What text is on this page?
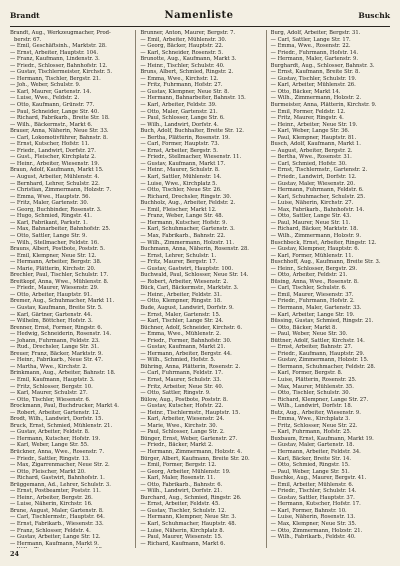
Brandt	Namenliste	Buschk

Brandt, Aug., Werkzeugmacher, Prod- berstr. 67.

— Emil, Geschäftsinh., Marktstr. 28.

— Ernst, Arbeiter, Hauptstr. 104.

— Franz, Kaufmann, Lindenstr. 3.

— Friedr., Schlosser, Bahnhofstr. 12.

— Gustav, Tischlermeister, Kirchstr. 5.

— Hermann, Tischler, Bergstr. 21.

— Joh., Weber, Schulstr. 9.

— Karl, Maurer, Gartenstr. 14.

— Luise, Wwe., Feldstr. 2.

— Otto, Kaufmann, Grünstr. 77.

— Paul, Schneider, Lange Str. 40.

— Richard, Fabrikarb., Breite Str. 18.

— Wilh., Bäckermstr., Markt 6.

Brauer, Anna, Näherin, Neue Str. 33.

— Carl, Lokomotivführer, Bahnstr. 8.

— Ernst, Kutscher, Hofstr. 11.

— Friedr., Landwirt, Dorfstr. 27.

— Gust., Fleischer, Kirchplatz 2.

— Heinr., Arbeiter, Wiesenstr. 19.

Braun, Adolf, Kaufmann, Markt 15.

— August, Arbeiter, Mühlenstr. 4.

— Bernhard, Lehrer, Schulstr. 22.

— Christian, Zimmermann, Holzstr. 7.

— Emma, Wwe., Hauptstr. 56.

— Fritz, Maler, Gartenstr. 30.

— Georg, Buchbinder, Rosenstr. 3.

— Hugo, Schmied, Ringstr. 41.

— Karl, Fabrikant, Parkstr. 1.

— Max, Bahnarbeiter, Bahnhofstr. 25.

— Otto, Sattler, Lange Str. 9.

— Wilh., Stellmacher, Feldstr. 16.

Brauns, Albert, Postbote, Poststr. 5.

— Emil, Klempner, Neue Str. 12.

— Hermann, Arbeiter, Bergstr. 38.

— Marie, Plätterin, Kirchstr. 20.

Brechler, Paul, Tischler, Schulstr. 17.

Breitkopf, Anna, Wwe., Mühlenstr. 8.

— Friedr., Maurer, Wiesenstr. 29.

— Otto, Arbeiter, Hauptstr. 91.

Bremer, Aug., Schuhmacher, Markt 11.

— Gustav, Kaufmann, Breite Str. 5.

— Karl, Gärtner, Gartenstr. 44.

— Wilhelm, Böttcher, Hofstr. 3.

Brenner, Ernst, Former, Ringstr. 6.

— Hedwig, Schneiderin, Rosenstr. 14.

— Johann, Fuhrmann, Feldstr. 23.

— Rud., Drechsler, Lange Str. 31.

Breuer, Franz, Bäcker, Marktstr. 9.

— Heinr., Fabrikarb., Neue Str. 47.

— Martha, Wwe., Kirchstr. 2.

Brinkmann, Aug., Arbeiter, Bahnstr. 18.

— Emil, Kaufmann, Hauptstr. 3.

— Fritz, Schlosser, Bergstr. 10.

— Karl, Maurer, Schulstr. 27.

— Otto, Tischler, Wiesenstr. 6.

Brockmann, Paul, Buchdrucker, Markt 4.

— Robert, Arbeiter, Gartenstr. 12.

Brodt, Wilh., Landwirt, Dorfstr. 15.

Bruck, Ernst, Schmied, Mühlenstr. 21.

— Gustav, Arbeiter, Feldstr. 8.

— Hermann, Kutscher, Hofstr. 19.

— Karl, Weber, Lange Str. 55.

Brückner, Anna, Wwe., Rosenstr. 7.

— Friedr., Sattler, Ringstr. 13.

— Max, Zigarrenmacher, Neue Str. 2.

— Otto, Fleischer, Markt 20.

— Richard, Gastwirt, Bahnhofstr. 1.

Brüggemann, Ad., Lehrer, Schulstr. 3.

— Ernst, Postbeamter, Poststr. 11.

— Heinr., Arbeiter, Bergstr. 26.

— Luise, Näherin, Kirchstr. 16.

Brune, August, Maler, Gartenstr. 8.

— Carl, Tischlermstr., Hauptstr. 64.

— Ernst, Fabrikarb., Wiesenstr. 33.

— Franz, Schlosser, Feldstr. 4.

— Gustav, Arbeiter, Lange Str. 12.

— Hermann, Kaufmann, Markt 9.

Brunner, Anton, Maurer, Bergstr. 7.

— Emil, Arbeiter, Mühlenstr. 30.

— Georg, Bäcker, Hauptstr. 22.

— Karl, Schneider, Rosenstr. 5.

Brunotte, Aug., Kaufmann, Markt 3.

— Heinr., Tischler, Schulstr. 40.

Bruns, Albert, Schmied, Ringstr. 2.

— Emma, Wwe., Kirchstr. 12.

— Fritz, Fuhrmann, Hofstr. 27.

— Gustav, Klempner, Neue Str. 8.

— Hermann, Bahnarbeiter, Bahnstr. 15.

— Karl, Arbeiter, Feldstr. 39.

— Otto, Maler, Gartenstr. 21.

— Paul, Schlosser, Lange Str. 6.

— Wilh., Landwirt, Dorfstr. 4.

Buch, Adolf, Buchhalter, Breite Str. 12.

— Bertha, Plätterin, Rosenstr. 19.

— Carl, Former, Hauptstr. 73.

— Ernst, Arbeiter, Bergstr. 5.

— Friedr., Stellmacher, Wiesenstr. 11.

— Gustav, Kaufmann, Markt 17.

— Heinr., Maurer, Schulstr. 8.

— Karl, Sattler, Mühlenstr. 14.

— Luise, Wwe., Kirchplatz 5.

— Otto, Tischler, Neue Str. 26.

— Richard, Drechsler, Ringstr. 30.

Buchholz, Aug., Arbeiter, Feldstr. 2.

— Emil, Fleischer, Markt 12.

— Franz, Weber, Lange Str. 48.

— Hermann, Kutscher, Hofstr. 9.

— Karl, Schuhmacher, Gartenstr. 3.

— Max, Fabrikarb., Bahnstr. 22.

— Wilh., Zimmermann, Holzstr. 11.

Buchmann, Anna, Näherin, Rosenstr. 28.

— Ernst, Lehrer, Schulstr. 1.

— Fritz, Maurer, Bergstr. 17.

— Gustav, Gastwirt, Hauptstr. 100.

Buchwald, Paul, Schlosser, Neue Str. 14.

— Robert, Arbeiter, Wiesenstr. 2.

Bück, Carl, Bäckermstr., Marktstr. 3.

— Heinr., Arbeiter, Feldstr. 31.

— Otto, Klempner, Ringstr. 18.

Bude, August, Landwirt, Dorfstr. 9.

— Ernst, Maler, Gartenstr. 15.

— Karl, Tischler, Lange Str. 24.

Büchner, Adolf, Schneider, Kirchstr. 6.

— Emma, Wwe., Mühlenstr. 2.

— Friedr., Former, Bahnhofstr. 30.

— Gustav, Kaufmann, Markt 21.

— Hermann, Arbeiter, Bergstr. 44.

— Wilh., Schmied, Hofstr. 5.

Bühring, Anna, Plätterin, Rosenstr. 2.

— Carl, Fuhrmann, Feldstr. 17.

— Ernst, Maurer, Schulstr. 33.

— Fritz, Arbeiter, Neue Str. 40.

— Otto, Sattler, Ringstr. 9.

Bülow, Aug., Postbote, Poststr. 8.

— Gustav, Kutscher, Hofstr. 22.

— Heinr., Tischlermstr., Hauptstr. 15.

— Karl, Arbeiter, Wiesenstr. 24.

— Marie, Wwe., Kirchstr. 30.

— Paul, Schlosser, Lange Str. 2.

Bünger, Ernst, Weber, Gartenstr. 27.

— Friedr., Bäcker, Markt 2.

— Hermann, Zimmermann, Holzstr. 4.

Bürger, Albert, Kaufmann, Breite Str. 20.

— Emil, Former, Bergstr. 12.

— Georg, Arbeiter, Mühlenstr. 19.

— Karl, Maler, Rosenstr. 11.

— Otto, Fabrikarb., Bahnstr. 6.

— Wilh., Landwirt, Dorfstr. 21.

Burchard, Aug., Schmied, Ringstr. 26.

— Ernst, Arbeiter, Feldstr. 45.

— Gustav, Tischler, Schulstr. 12.

— Hermann, Klempner, Neue Str. 3.

— Karl, Schuhmacher, Hauptstr. 48.

— Luise, Näherin, Kirchplatz 8.

— Paul, Maurer, Wiesenstr. 15.

— Richard, Kaufmann, Markt 6.

Burg, Adolf, Arbeiter, Bergstr. 31.

— Carl, Sattler, Lange Str. 17.

— Emma, Wwe., Rosenstr. 22.

— Friedr., Fuhrmann, Hofstr. 14.

— Hermann, Maler, Gartenstr. 9.

Burghardt, Aug., Schlosser, Bahnstr. 3.

— Ernst, Kaufmann, Breite Str. 8.

— Gustav, Tischler, Schulstr. 19.

— Karl, Arbeiter, Mühlenstr. 26.

— Otto, Bäcker, Markt 14.

— Wilh., Zimmermann, Holzstr. 2.

Burmeister, Anna, Plätterin, Kirchstr. 9.

— Emil, Former, Feldstr. 12.

— Fritz, Maurer, Ringstr. 4.

— Heinr., Arbeiter, Neue Str. 19.

— Karl, Weber, Lange Str. 36.

— Paul, Klempner, Hauptstr. 81.

Busch, Adolf, Kaufmann, Markt 1.

— August, Arbeiter, Bergstr. 2.

— Bertha, Wwe., Rosenstr. 31.

— Carl, Schmied, Hofstr. 30.

— Ernst, Tischlermstr., Gartenstr. 2.

— Friedr., Landwirt, Dorfstr. 12.

— Gustav, Maler, Wiesenstr. 20.

— Hermann, Fuhrmann, Feldstr. 6.

— Karl, Schuhmacher, Schulstr. 25.

— Luise, Näherin, Kirchstr. 27.

— Max, Fabrikarb., Bahnhofstr. 14.

— Otto, Sattler, Lange Str. 43.

— Paul, Maurer, Neue Str. 11.

— Richard, Bäcker, Marktstr. 18.

— Wilh., Zimmermann, Holzstr. 9.

Buschbeck, Ernst, Arbeiter, Ringstr. 12.

— Gustav, Klempner, Hauptstr. 6.

— Karl, Former, Mühlenstr. 11.

Buschhoff, Aug., Kaufmann, Breite Str. 3.

— Heinr., Schlosser, Bergstr. 29.

— Otto, Arbeiter, Feldstr. 21.

Büsing, Anna, Wwe., Rosenstr. 8.

— Carl, Tischler, Schulstr. 6.

— Emil, Maurer, Wiesenstr. 37.

— Friedr., Fuhrmann, Hofstr. 2.

— Hermann, Maler, Gartenstr. 33.

— Karl, Arbeiter, Lange Str. 19.

Büssing, Gustav, Schmied, Ringstr. 21.

— Otto, Bäcker, Markt 8.

— Paul, Weber, Neue Str. 30.

Büttner, Adolf, Sattler, Kirchstr. 14.

— Ernst, Arbeiter, Bahnstr. 27.

— Friedr., Kaufmann, Hauptstr. 29.

— Gustav, Zimmermann, Holzstr. 15.

— Hermann, Schuhmacher, Feldstr. 28.

— Karl, Former, Bergstr. 8.

— Luise, Plätterin, Rosenstr. 25.

— Max, Maurer, Mühlenstr. 35.

— Otto, Tischler, Schulstr. 30.

— Richard, Klempner, Lange Str. 27.

— Wilh., Landwirt, Dorfstr. 18.

Butz, Aug., Arbeiter, Wiesenstr. 9.

— Emma, Wwe., Kirchplatz 3.

— Fritz, Schlosser, Neue Str. 22.

— Karl, Fuhrmann, Hofstr. 25.

Buxbaum, Ernst, Kaufmann, Markt 19.

— Gustav, Maler, Gartenstr. 18.

— Hermann, Arbeiter, Feldstr. 34.

— Karl, Bäcker, Breite Str. 14.

— Otto, Schmied, Ringstr. 15.

— Paul, Weber, Lange Str. 51.

Buschke, Aug., Maurer, Bergstr. 41.

— Emil, Arbeiter, Mühlenstr. 6.

— Friedr., Tischler, Schulstr. 14.

— Gustav, Sattler, Hauptstr. 37.

— Hermann, Kutscher, Hofstr. 17.

— Karl, Former, Bahnstr. 10.

— Luise, Näherin, Rosenstr. 13.

— Max, Klempner, Neue Str. 35.

— Otto, Zimmermann, Holzstr. 21.

— Wilh., Fabrikarb., Feldstr. 40.

24
